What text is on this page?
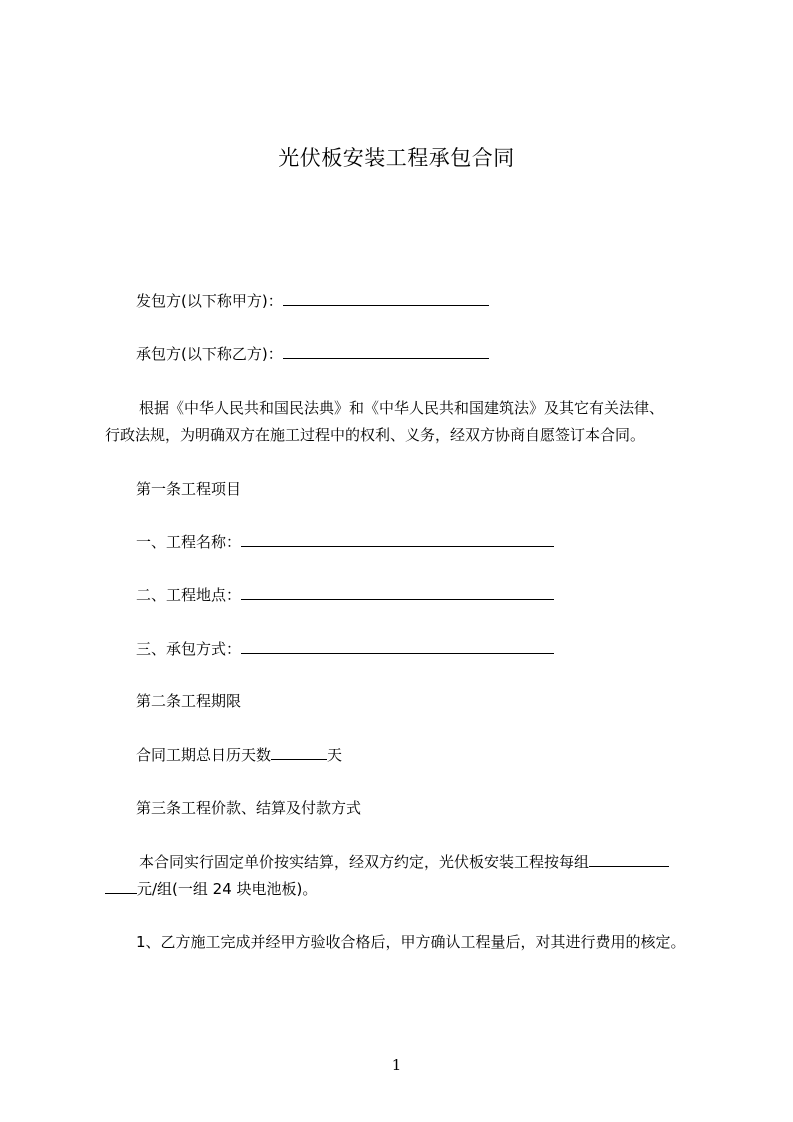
光伏板安装工程承包合同
发包方(以下称甲方)：
承包方(以下称乙方)：
根据《中华人民共和国民法典》和《中华人民共和国建筑法》及其它有关法律、
行政法规，为明确双方在施工过程中的权利、义务，经双方协商自愿签订本合同。
第一条工程项目
一、工程名称：
二、工程地点：
三、承包方式：
第二条工程期限
合同工期总日历天数	天
第三条工程价款、结算及付款方式
本合同实行固定单价按实结算，经双方约定，光伏板安装工程按每组
元/组(一组 24 块电池板)。
1、乙方施工完成并经甲方验收合格后，甲方确认工程量后，对其进行费用的核定。
1
